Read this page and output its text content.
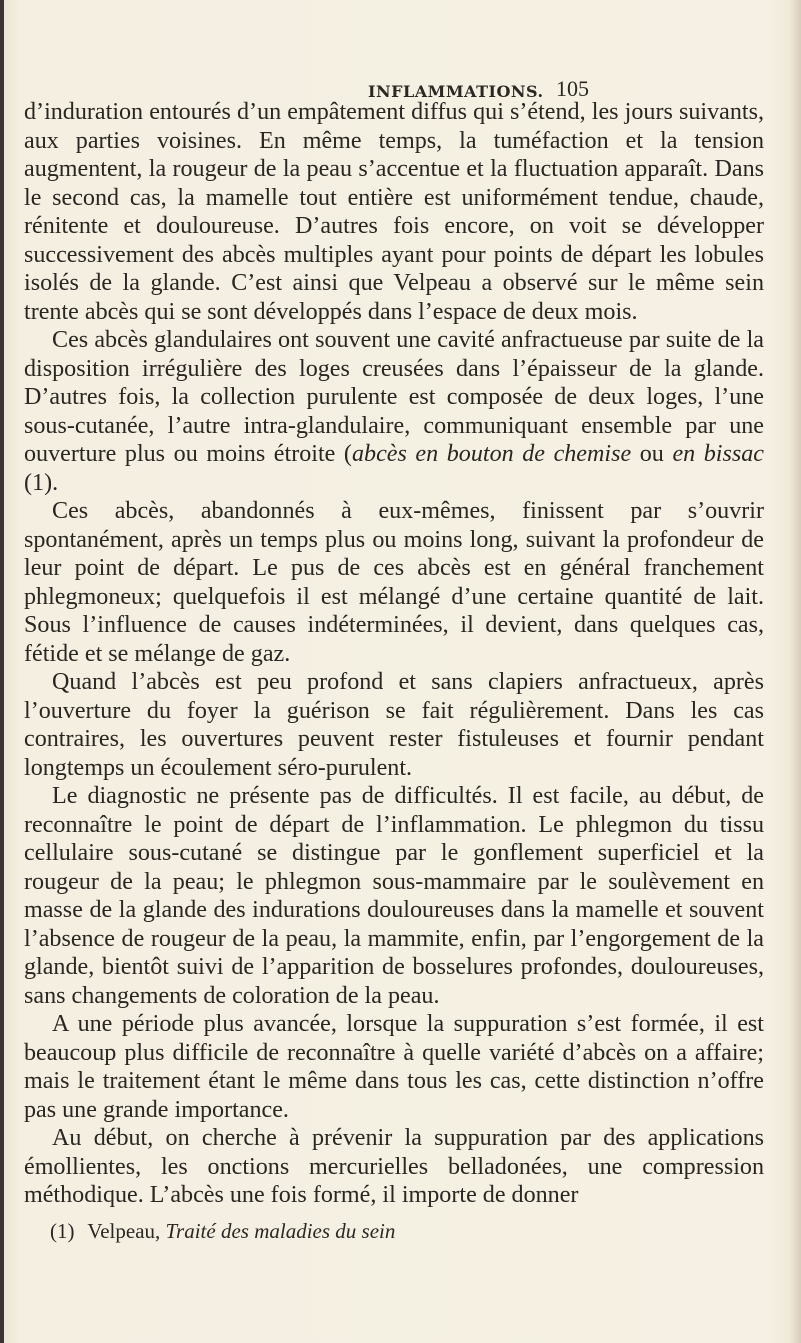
INFLAMMATIONS. 105

d’induration entourés d’un empâtement diffus qui s’étend, les jours suivants, aux parties voisines. En même temps, la tuméfaction et la tension augmentent, la rougeur de la peau s’accentue et la fluctuation apparaît. Dans le second cas, la mamelle tout entière est uniformément tendue, chaude, rénitente et douloureuse. D’autres fois encore, on voit se développer successivement des abcès multiples ayant pour points de départ les lobules isolés de la glande. C’est ainsi que Velpeau a observé sur le même sein trente abcès qui se sont développés dans l’espace de deux mois.

Ces abcès glandulaires ont souvent une cavité anfractueuse par suite de la disposition irrégulière des loges creusées dans l’épaisseur de la glande. D’autres fois, la collection purulente est composée de deux loges, l’une sous-cutanée, l’autre intra-glandulaire, communiquant ensemble par une ouverture plus ou moins étroite (abcès en bouton de chemise ou en bissac (1).

Ces abcès, abandonnés à eux-mêmes, finissent par s’ouvrir spontanément, après un temps plus ou moins long, suivant la profondeur de leur point de départ. Le pus de ces abcès est en général franchement phlegmoneux; quelquefois il est mélangé d’une certaine quantité de lait. Sous l’influence de causes indéterminées, il devient, dans quelques cas, fétide et se mélange de gaz.

Quand l’abcès est peu profond et sans clapiers anfractueux, après l’ouverture du foyer la guérison se fait régulièrement. Dans les cas contraires, les ouvertures peuvent rester fistuleuses et fournir pendant longtemps un écoulement séro-purulent.

Le diagnostic ne présente pas de difficultés. Il est facile, au début, de reconnaître le point de départ de l’inflammation. Le phlegmon du tissu cellulaire sous-cutané se distingue par le gonflement superficiel et la rougeur de la peau; le phlegmon sous-mammaire par le soulèvement en masse de la glande des indurations douloureuses dans la mamelle et souvent l’absence de rougeur de la peau, la mammite, enfin, par l’engorgement de la glande, bientôt suivi de l’apparition de bosselures profondes, douloureuses, sans changements de coloration de la peau.

A une période plus avancée, lorsque la suppuration s’est formée, il est beaucoup plus difficile de reconnaître à quelle variété d’abcès on a affaire; mais le traitement étant le même dans tous les cas, cette distinction n’offre pas une grande importance.

Au début, on cherche à prévenir la suppuration par des applications émollientes, les onctions mercurielles belladonées, une compression méthodique. L’abcès une fois formé, il importe de donner

(1) Velpeau, Traité des maladies du sein
